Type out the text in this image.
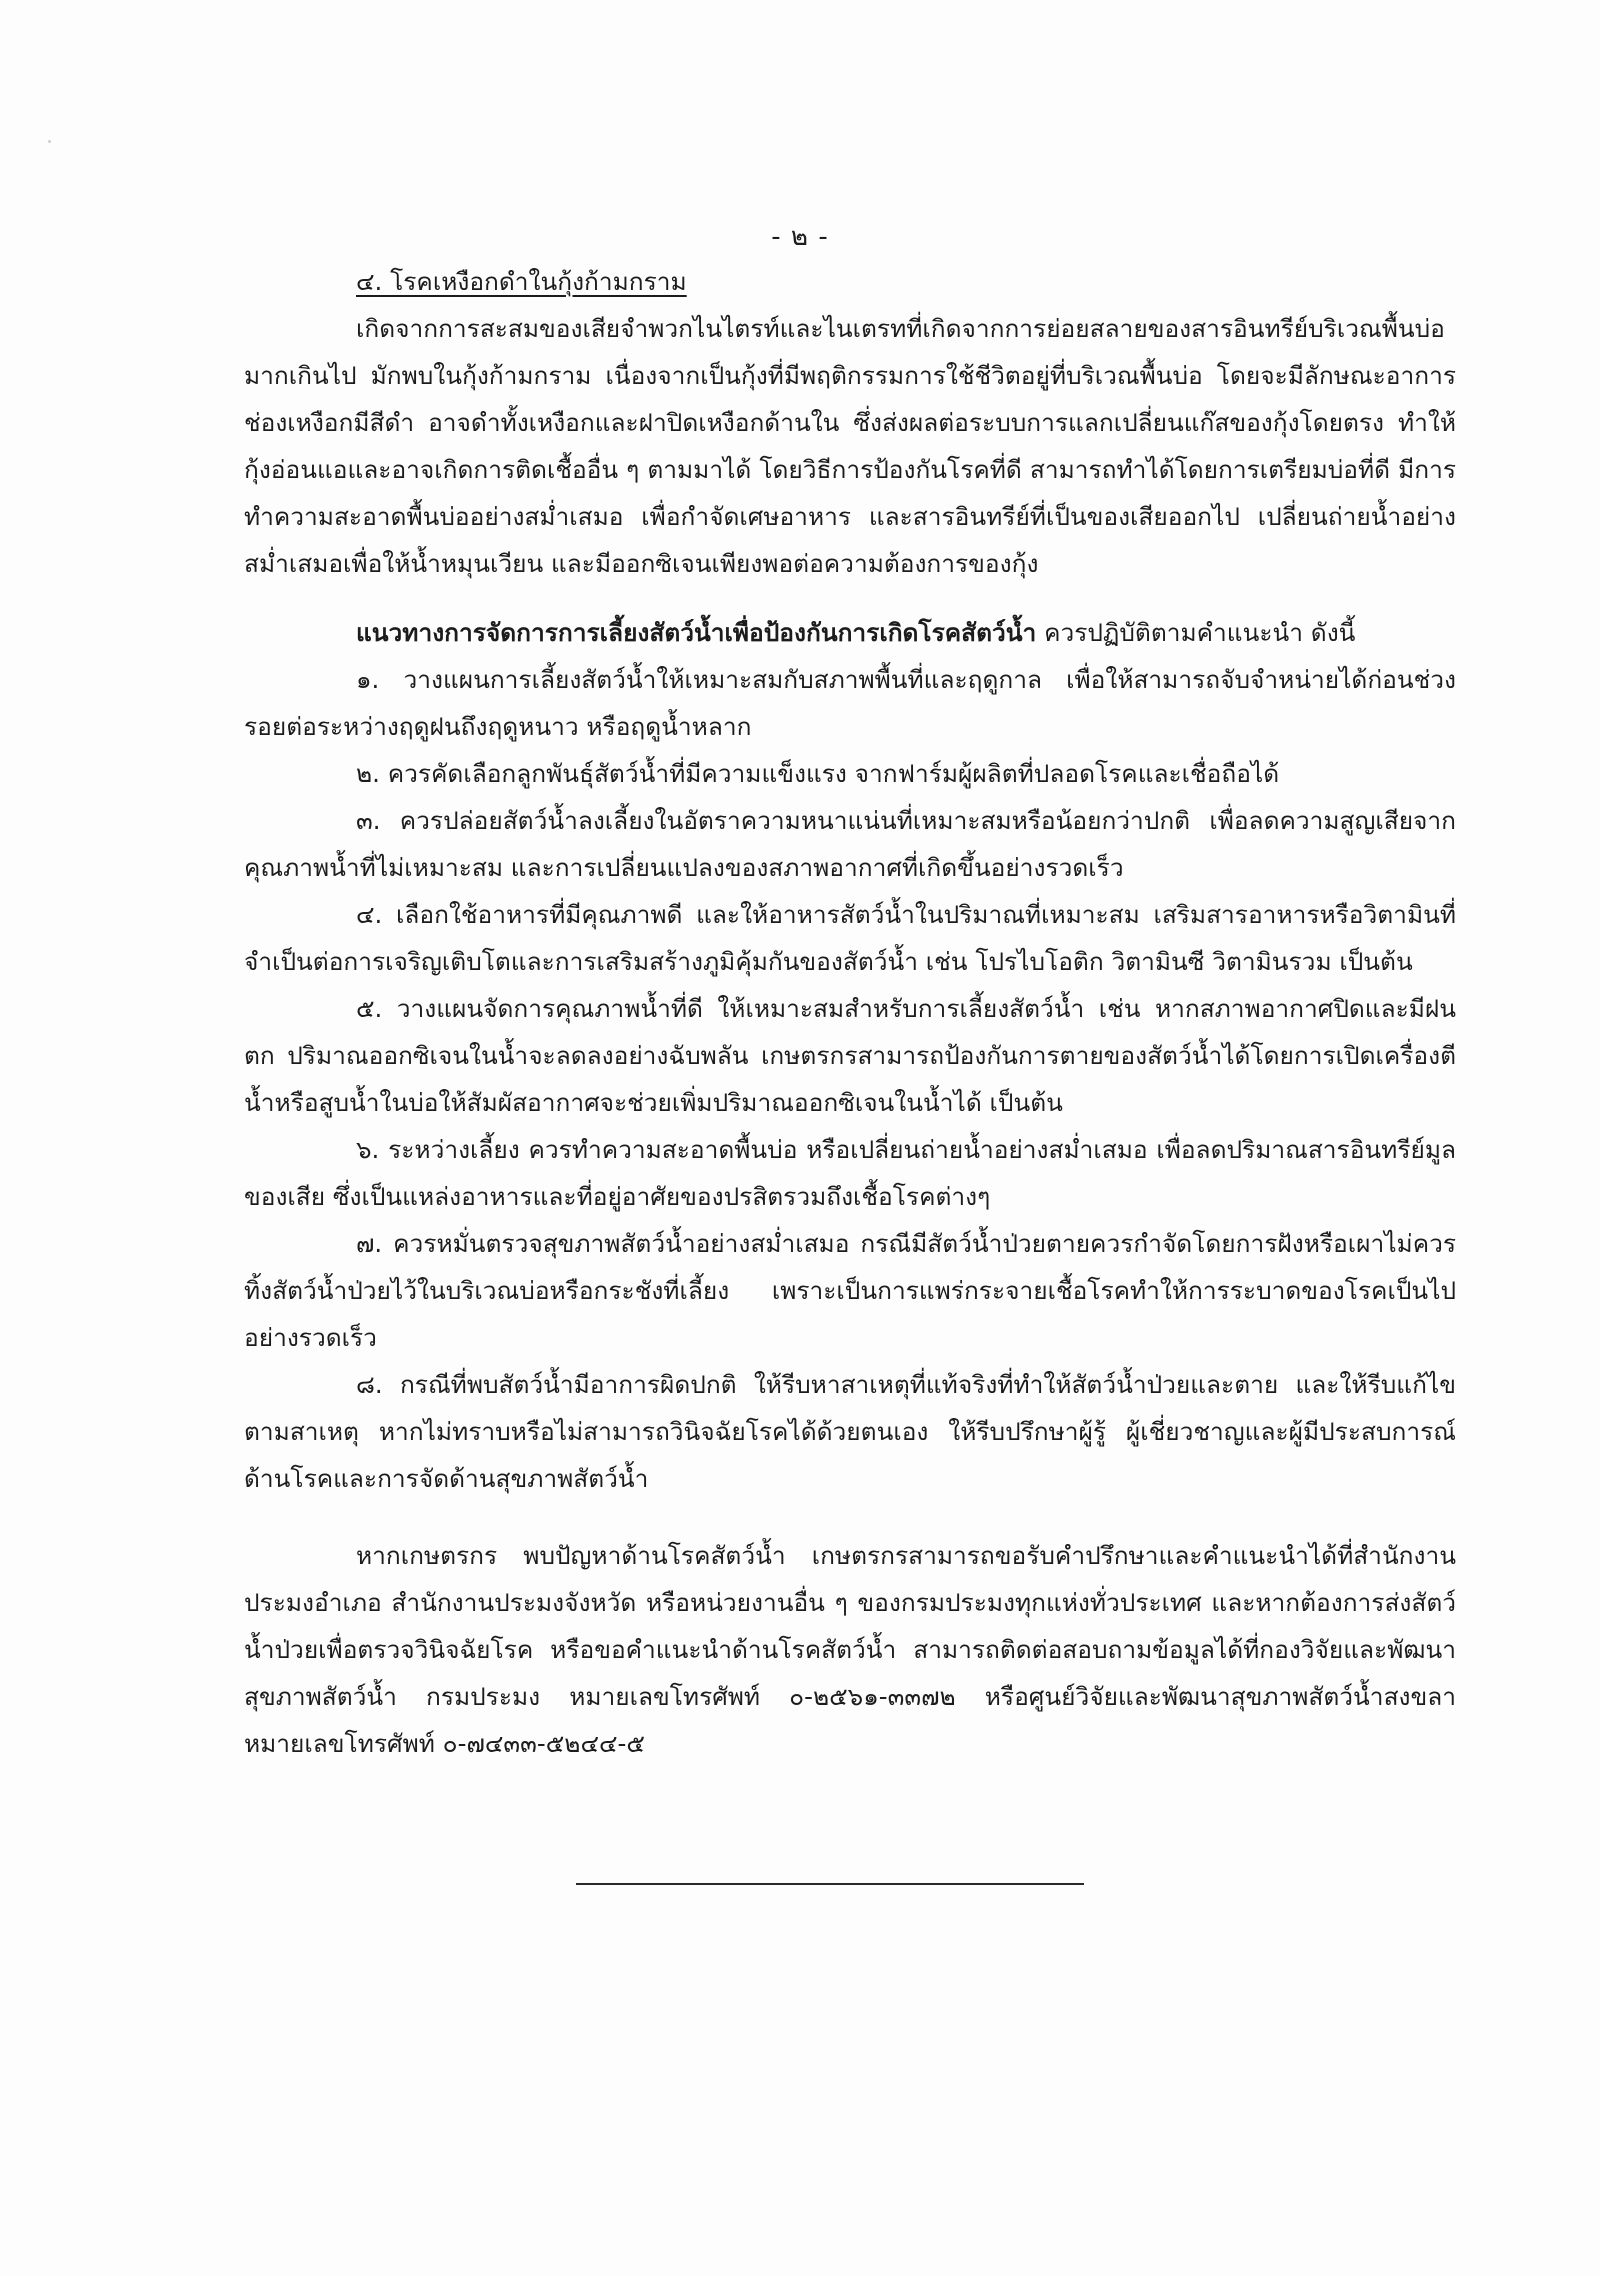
- ๒ -

๔. โรคเหงือกดำในกุ้งก้ามกราม

เกิดจากการสะสมของเสียจำพวกไนไตรท์และไนเตรทที่เกิดจากการย่อยสลายของสารอินทรีย์บริเวณพื้นบ่อมากเกินไป มักพบในกุ้งก้ามกราม เนื่องจากเป็นกุ้งที่มีพฤติกรรมการใช้ชีวิตอยู่ที่บริเวณพื้นบ่อ โดยจะมีลักษณะอาการช่องเหงือกมีสีดำ อาจดำทั้งเหงือกและฝาปิดเหงือกด้านใน ซึ่งส่งผลต่อระบบการแลกเปลี่ยนแก๊สของกุ้งโดยตรง ทำให้กุ้งอ่อนแอและอาจเกิดการติดเชื้ออื่น ๆ ตามมาได้ โดยวิธีการป้องกันโรคที่ดี สามารถทำได้โดยการเตรียมบ่อที่ดี มีการทำความสะอาดพื้นบ่ออย่างสม่ำเสมอ เพื่อกำจัดเศษอาหาร และสารอินทรีย์ที่เป็นของเสียออกไป เปลี่ยนถ่ายน้ำอย่างสม่ำเสมอเพื่อให้น้ำหมุนเวียน และมีออกซิเจนเพียงพอต่อความต้องการของกุ้ง

แนวทางการจัดการการเลี้ยงสัตว์น้ำเพื่อป้องกันการเกิดโรคสัตว์น้ำ ควรปฏิบัติตามคำแนะนำ ดังนี้

๑. วางแผนการเลี้ยงสัตว์น้ำให้เหมาะสมกับสภาพพื้นที่และฤดูกาล เพื่อให้สามารถจับจำหน่ายได้ก่อนช่วงรอยต่อระหว่างฤดูฝนถึงฤดูหนาว หรือฤดูน้ำหลาก

๒. ควรคัดเลือกลูกพันธุ์สัตว์น้ำที่มีความแข็งแรง จากฟาร์มผู้ผลิตที่ปลอดโรคและเชื่อถือได้

๓. ควรปล่อยสัตว์น้ำลงเลี้ยงในอัตราความหนาแน่นที่เหมาะสมหรือน้อยกว่าปกติ เพื่อลดความสูญเสียจากคุณภาพน้ำที่ไม่เหมาะสม และการเปลี่ยนแปลงของสภาพอากาศที่เกิดขึ้นอย่างรวดเร็ว

๔. เลือกใช้อาหารที่มีคุณภาพดี และให้อาหารสัตว์น้ำในปริมาณที่เหมาะสม เสริมสารอาหารหรือวิตามินที่จำเป็นต่อการเจริญเติบโตและการเสริมสร้างภูมิคุ้มกันของสัตว์น้ำ เช่น โปรไบโอติก วิตามินซี วิตามินรวม เป็นต้น

๕. วางแผนจัดการคุณภาพน้ำที่ดี ให้เหมาะสมสำหรับการเลี้ยงสัตว์น้ำ เช่น หากสภาพอากาศปิดและมีฝนตก ปริมาณออกซิเจนในน้ำจะลดลงอย่างฉับพลัน เกษตรกรสามารถป้องกันการตายของสัตว์น้ำได้โดยการเปิดเครื่องตีน้ำหรือสูบน้ำในบ่อให้สัมผัสอากาศจะช่วยเพิ่มปริมาณออกซิเจนในน้ำได้ เป็นต้น

๖. ระหว่างเลี้ยง ควรทำความสะอาดพื้นบ่อ หรือเปลี่ยนถ่ายน้ำอย่างสม่ำเสมอ เพื่อลดปริมาณสารอินทรีย์มูลของเสีย ซึ่งเป็นแหล่งอาหารและที่อยู่อาศัยของปรสิตรวมถึงเชื้อโรคต่างๆ

๗. ควรหมั่นตรวจสุขภาพสัตว์น้ำอย่างสม่ำเสมอ กรณีมีสัตว์น้ำป่วยตายควรกำจัดโดยการฝังหรือเผาไม่ควรทิ้งสัตว์น้ำป่วยไว้ในบริเวณบ่อหรือกระชังที่เลี้ยง เพราะเป็นการแพร่กระจายเชื้อโรคทำให้การระบาดของโรคเป็นไปอย่างรวดเร็ว

๘. กรณีที่พบสัตว์น้ำมีอาการผิดปกติ ให้รีบหาสาเหตุที่แท้จริงที่ทำให้สัตว์น้ำป่วยและตาย และให้รีบแก้ไขตามสาเหตุ หากไม่ทราบหรือไม่สามารถวินิจฉัยโรคได้ด้วยตนเอง ให้รีบปรึกษาผู้รู้ ผู้เชี่ยวชาญและผู้มีประสบการณ์ด้านโรคและการจัดด้านสุขภาพสัตว์น้ำ

หากเกษตรกร พบปัญหาด้านโรคสัตว์น้ำ เกษตรกรสามารถขอรับคำปรึกษาและคำแนะนำได้ที่สำนักงานประมงอำเภอ สำนักงานประมงจังหวัด หรือหน่วยงานอื่น ๆ ของกรมประมงทุกแห่งทั่วประเทศ และหากต้องการส่งสัตว์น้ำป่วยเพื่อตรวจวินิจฉัยโรค หรือขอคำแนะนำด้านโรคสัตว์น้ำ สามารถติดต่อสอบถามข้อมูลได้ที่กองวิจัยและพัฒนาสุขภาพสัตว์น้ำ กรมประมง หมายเลขโทรศัพท์ ๐-๒๕๖๑-๓๓๗๒ หรือศูนย์วิจัยและพัฒนาสุขภาพสัตว์น้ำสงขลา หมายเลขโทรศัพท์ ๐-๗๔๓๓-๕๒๔๔-๕
